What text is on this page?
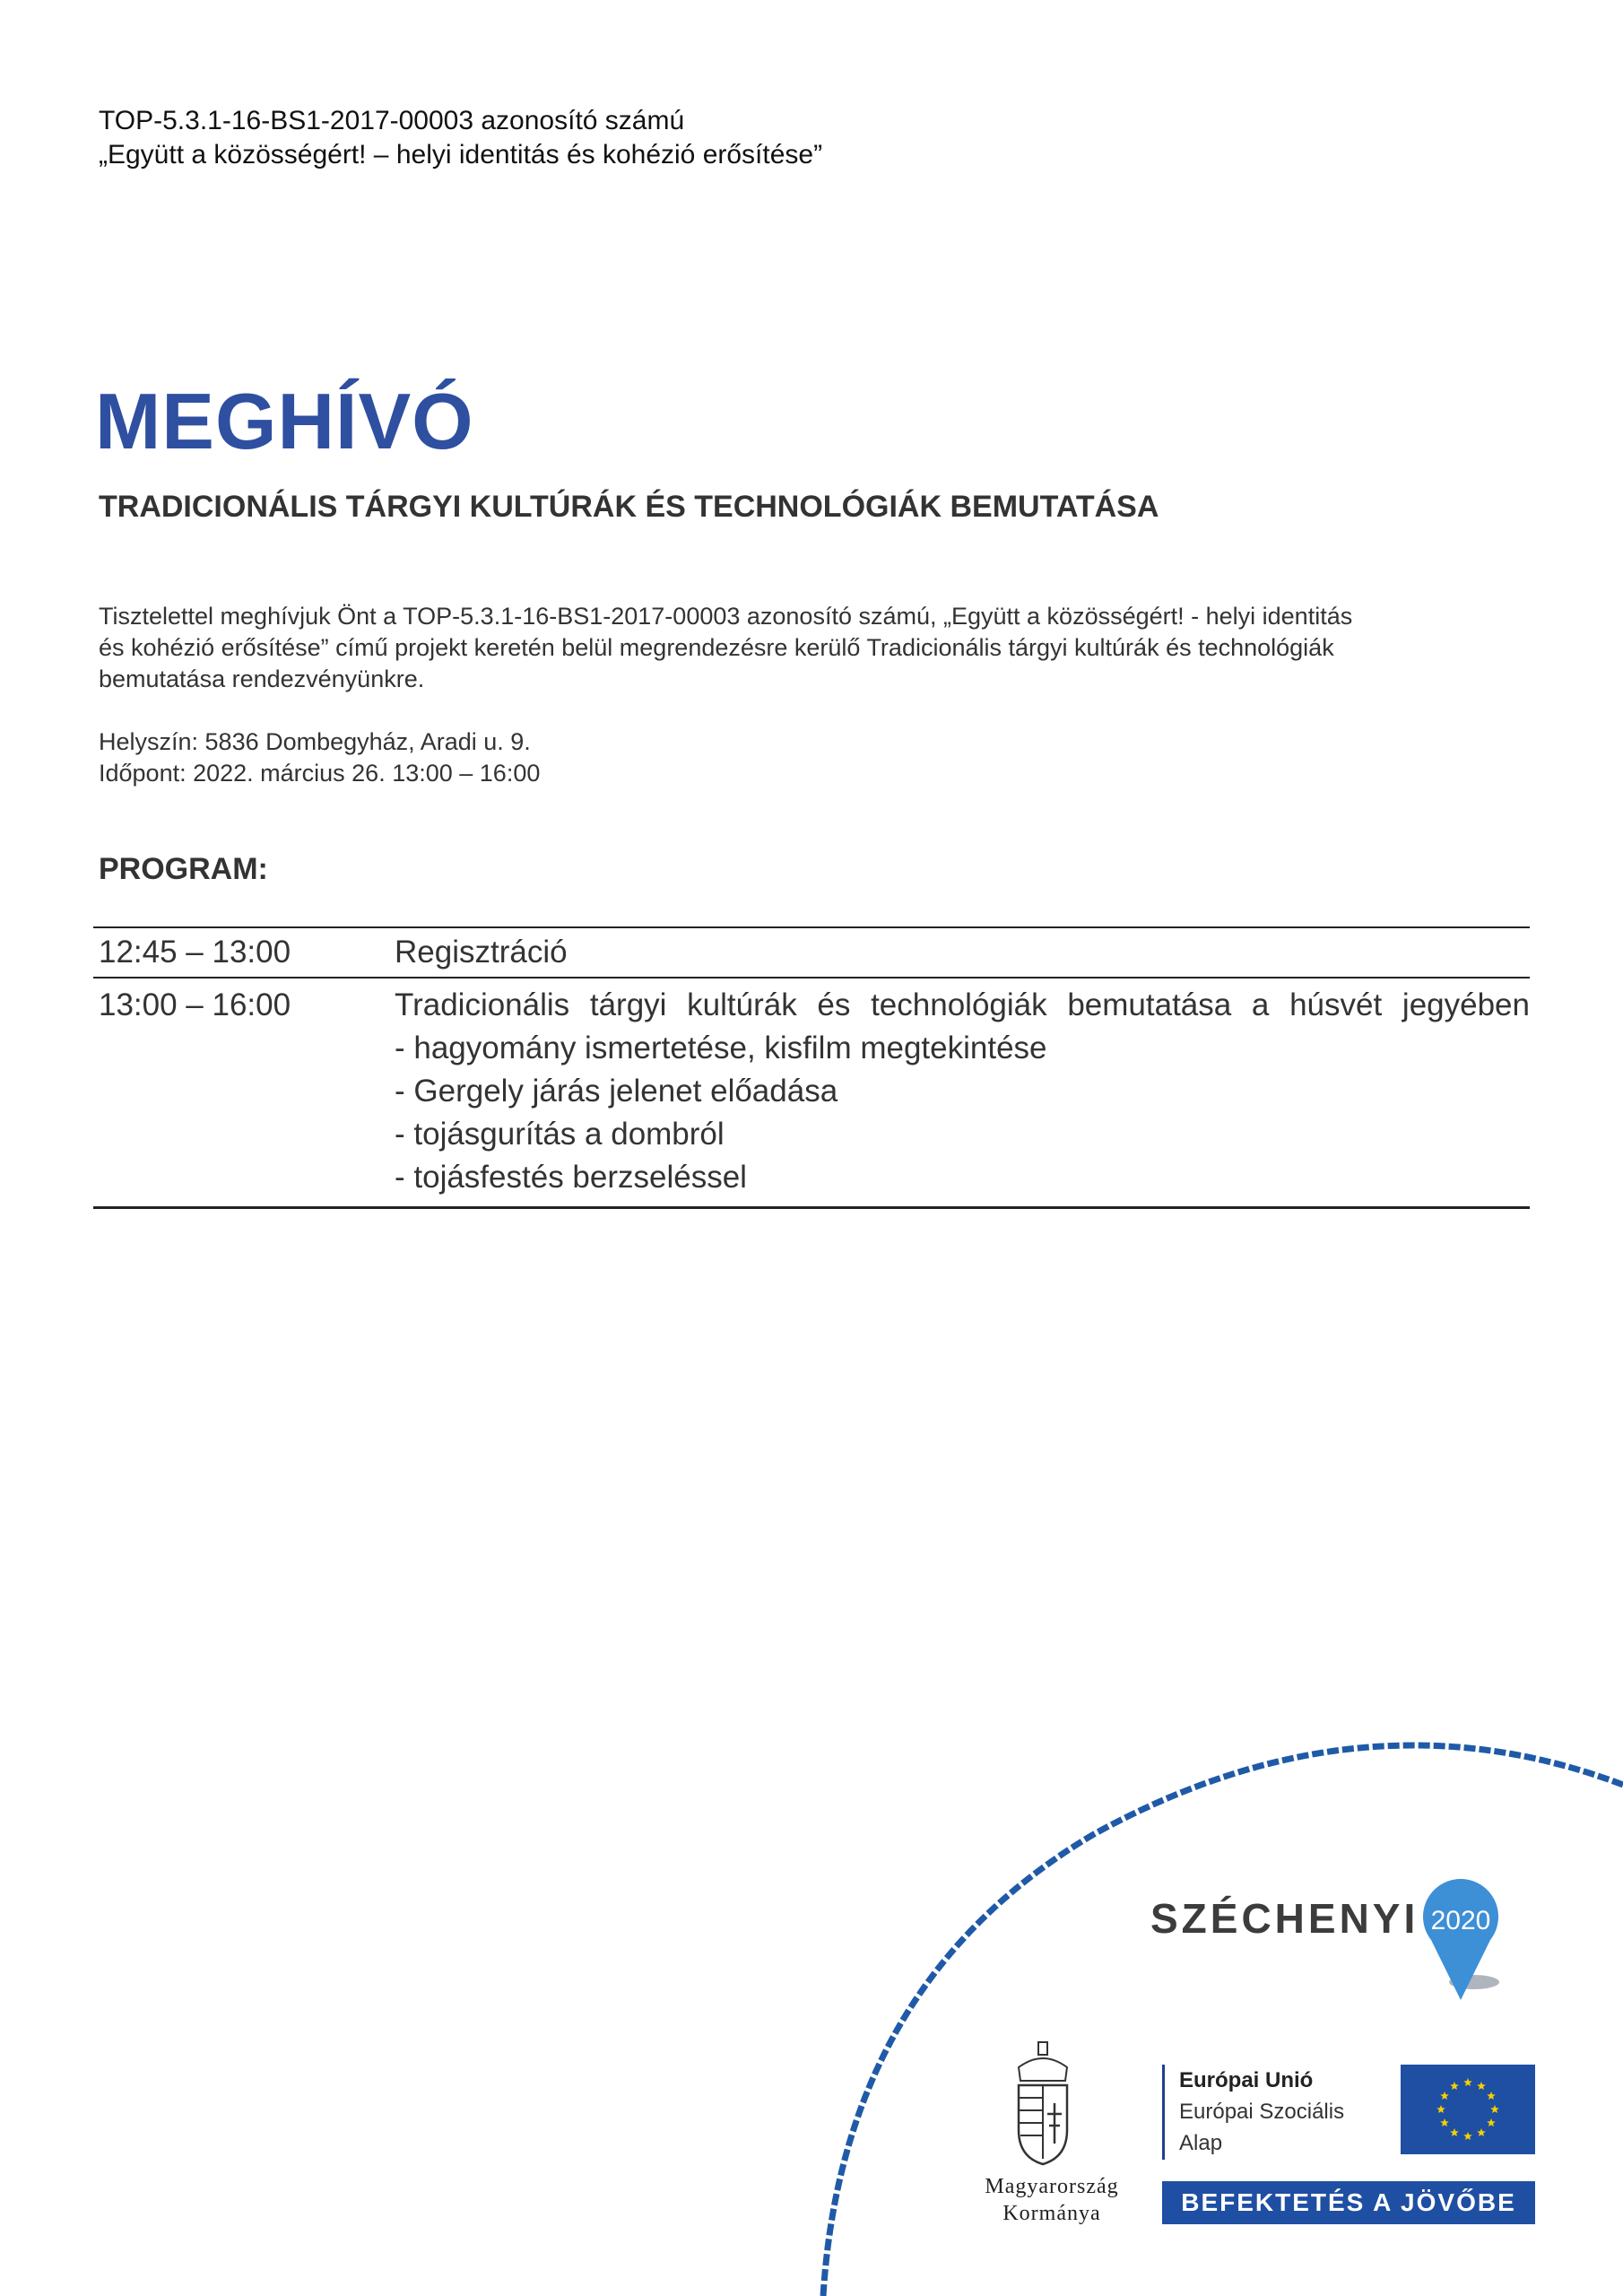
TOP-5.3.1-16-BS1-2017-00003 azonosító számú
„Együtt a közösségért! – helyi identitás és kohézió erősítése”
MEGHÍVÓ
TRADICIONÁLIS TÁRGYI KULTÚRÁK ÉS TECHNOLÓGIÁK BEMUTATÁSA
Tisztelettel meghívjuk Önt a TOP-5.3.1-16-BS1-2017-00003 azonosító számú, „Együtt a közösségért! - helyi identitás
és kohézió erősítése” című projekt keretén belül megrendezésre kerülő Tradicionális tárgyi kultúrák és technológiák
bemutatása rendezvényünkre.
Helyszín: 5836 Dombegyház, Aradi u. 9.
Időpont: 2022. március 26. 13:00 – 16:00
PROGRAM:
12:45 – 13:00	Regisztráció
13:00 – 16:00	Tradicionális tárgyi kultúrák és technológiák bemutatása a húsvét jegyében
- hagyomány ismertetése, kisfilm megtekintése
- Gergely járás jelenet előadása
- tojásgurítás a dombról
- tojásfestés berzseléssel
SZÉCHENYI 2020
Magyarország
Kormánya
Európai Unió
Európai Szociális
Alap
BEFEKTETÉS A JÖVŐBE
